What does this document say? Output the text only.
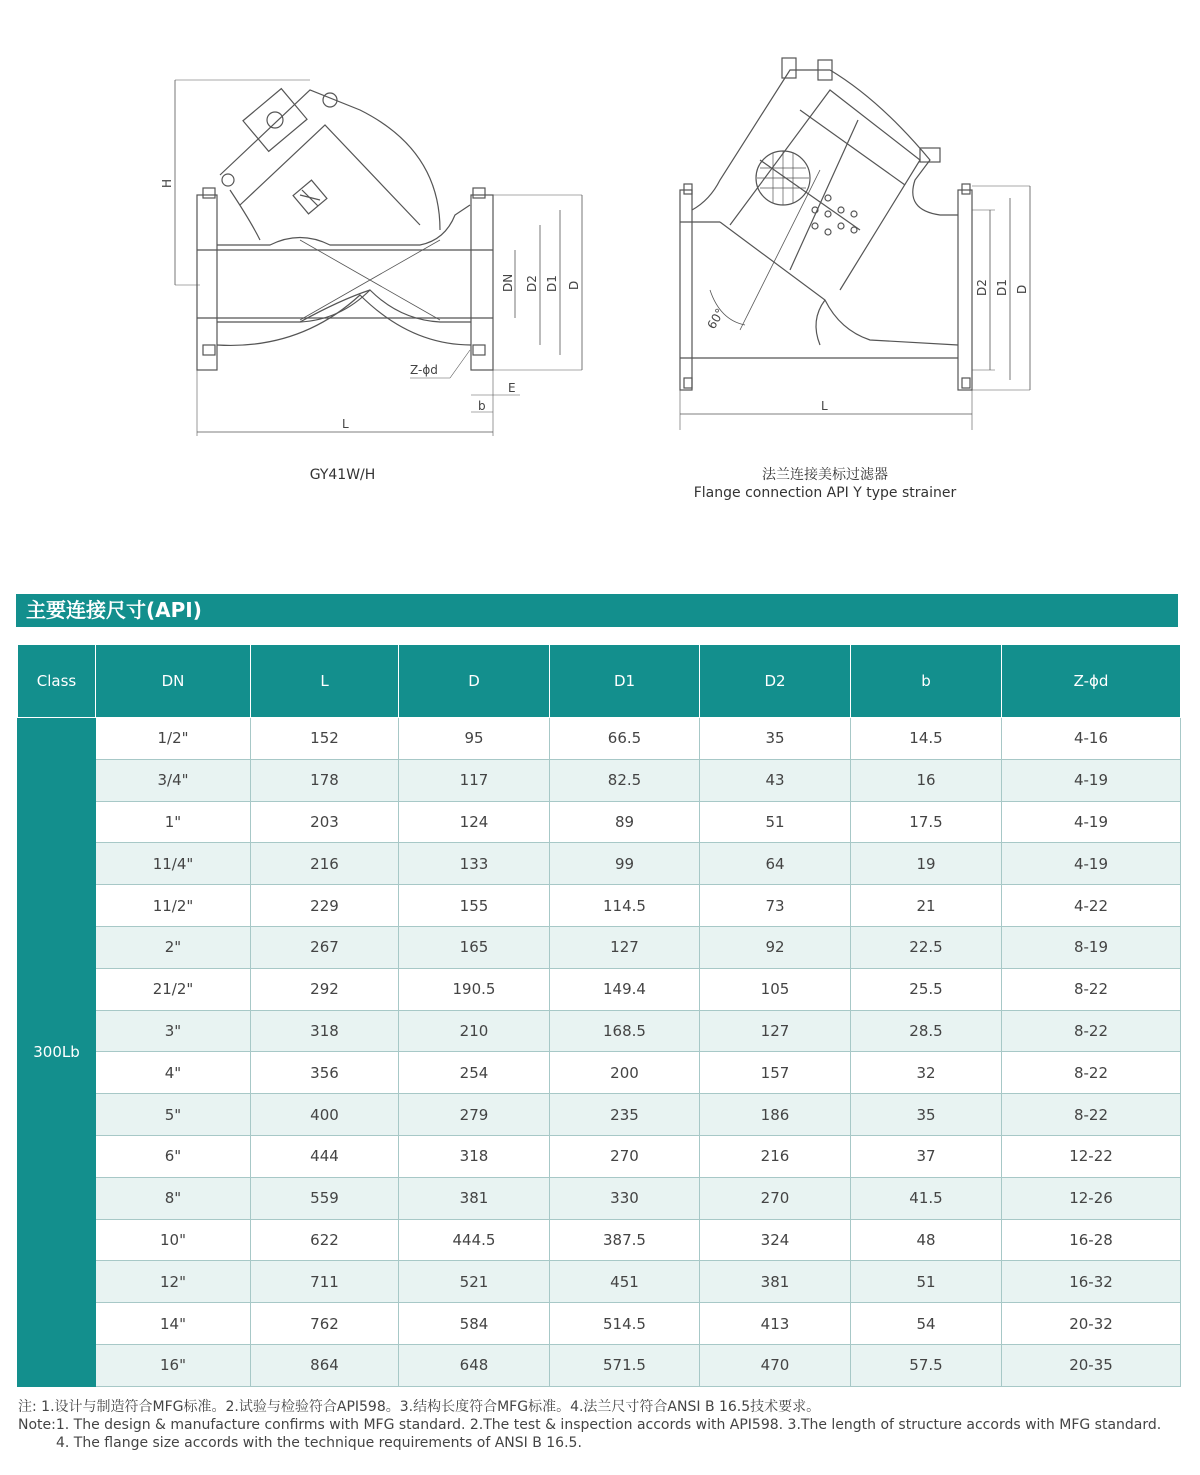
H
DN D2 D1 D
Z-ϕd
E
b
L
60°
D2 D1 D
L
GY41W/H	法兰连接美标过滤器
Flange connection API Y type strainer
主要连接尺寸(API)
Class	DN	L	D	D1	D2	b	Z-ϕd
300Lb	1/2"	152	95	66.5	35	14.5	4-16
	3/4"	178	117	82.5	43	16	4-19
	1"	203	124	89	51	17.5	4-19
	11/4"	216	133	99	64	19	4-19
	11/2"	229	155	114.5	73	21	4-22
	2"	267	165	127	92	22.5	8-19
	21/2"	292	190.5	149.4	105	25.5	8-22
	3"	318	210	168.5	127	28.5	8-22
	4"	356	254	200	157	32	8-22
	5"	400	279	235	186	35	8-22
	6"	444	318	270	216	37	12-22
	8"	559	381	330	270	41.5	12-26
	10"	622	444.5	387.5	324	48	16-28
	12"	711	521	451	381	51	16-32
	14"	762	584	514.5	413	54	20-32
	16"	864	648	571.5	470	57.5	20-35
注: 1.设计与制造符合MFG标准。2.试验与检验符合API598。3.结构长度符合MFG标准。4.法兰尺寸符合ANSI B 16.5技术要求。
Note:1. The design & manufacture confirms with MFG standard. 2.The test & inspection accords with API598. 3.The length of structure accords with MFG standard.
4. The flange size accords with the technique requirements of ANSI B 16.5.
